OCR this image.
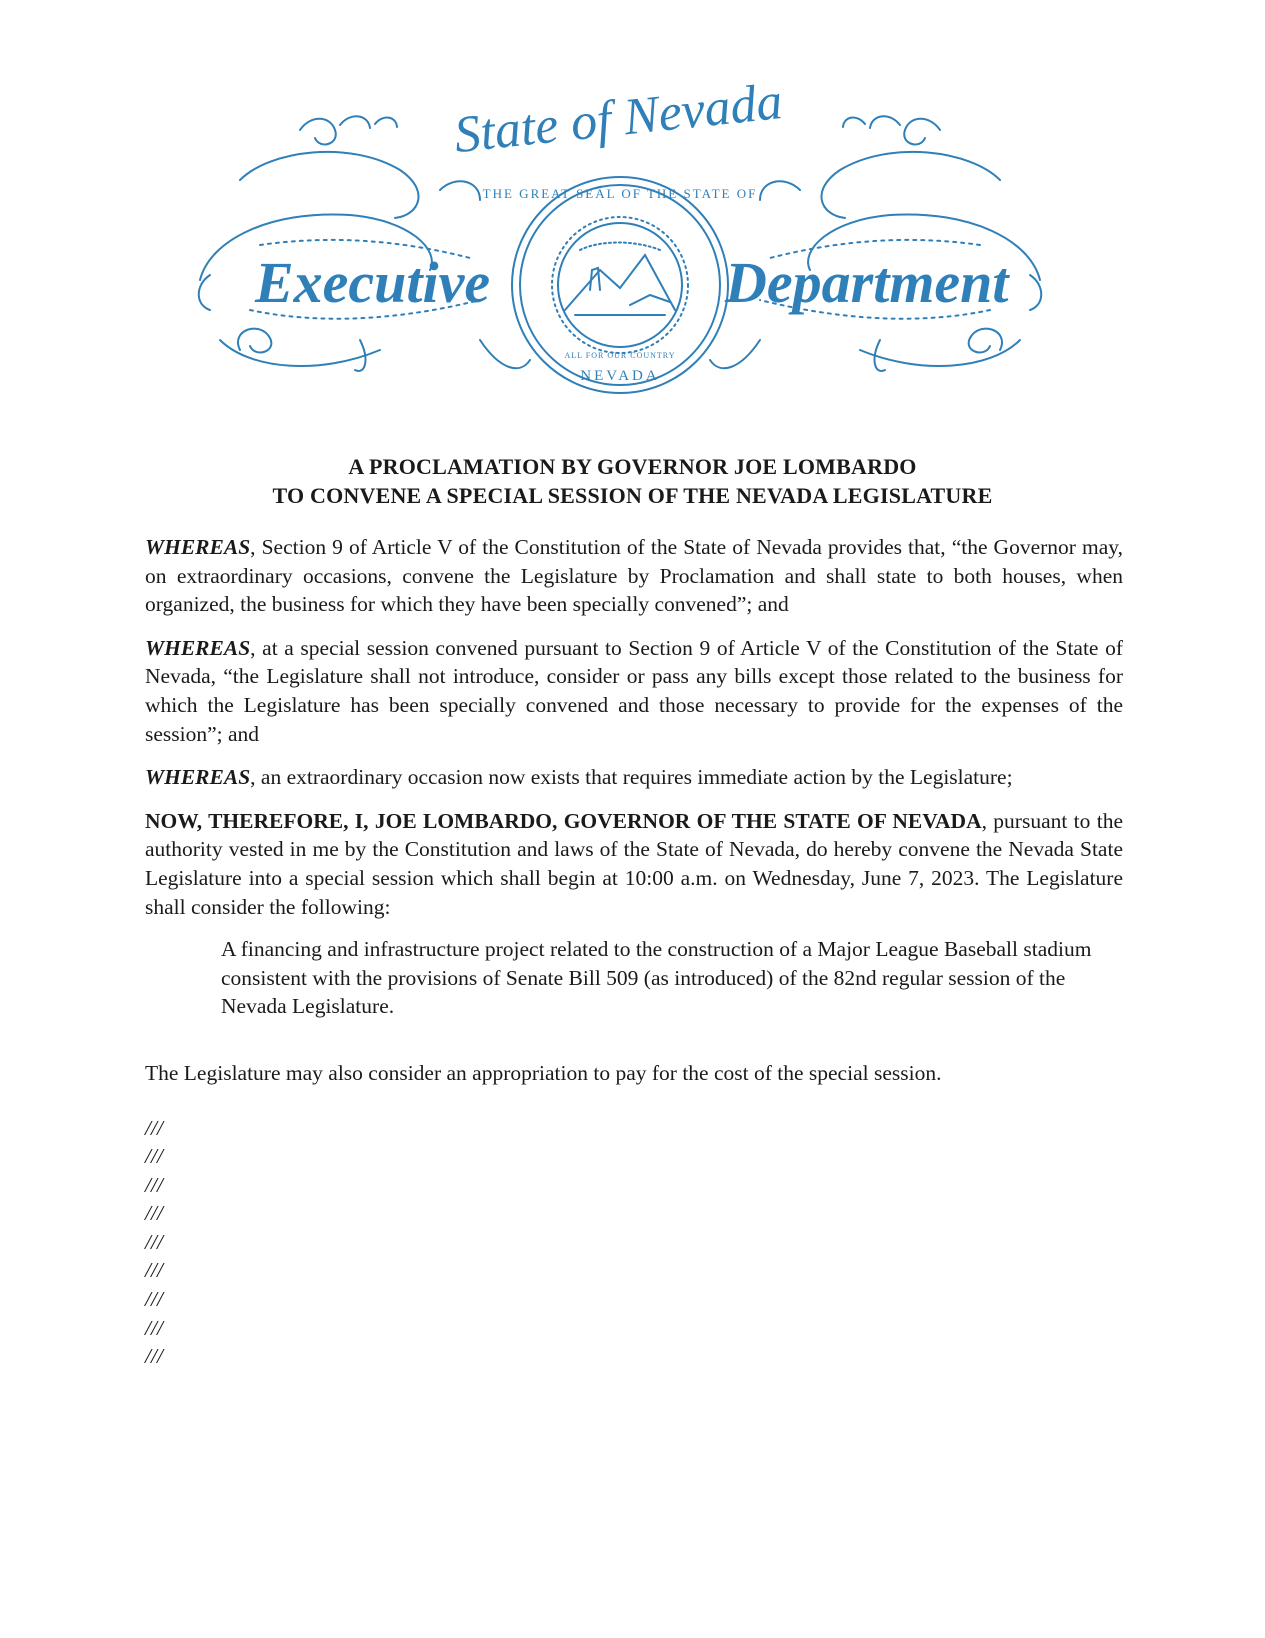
State of Nevada
Executive	Department
THE GREAT SEAL OF THE STATE OF
ALL FOR OUR COUNTRY
NEVADA
A PROCLAMATION BY GOVERNOR JOE LOMBARDO
TO CONVENE A SPECIAL SESSION OF THE NEVADA LEGISLATURE

WHEREAS, Section 9 of Article V of the Constitution of the State of Nevada provides that, “the Governor may, on extraordinary occasions, convene the Legislature by Proclamation and shall state to both houses, when organized, the business for which they have been specially convened”; and

WHEREAS, at a special session convened pursuant to Section 9 of Article V of the Constitution of the State of Nevada, “the Legislature shall not introduce, consider or pass any bills except those related to the business for which the Legislature has been specially convened and those necessary to provide for the expenses of the session”; and

WHEREAS, an extraordinary occasion now exists that requires immediate action by the Legislature;

NOW, THEREFORE, I, JOE LOMBARDO, GOVERNOR OF THE STATE OF NEVADA, pursuant to the authority vested in me by the Constitution and laws of the State of Nevada, do hereby convene the Nevada State Legislature into a special session which shall begin at 10:00 a.m. on Wednesday, June 7, 2023. The Legislature shall consider the following:

A financing and infrastructure project related to the construction of a Major League Baseball stadium consistent with the provisions of Senate Bill 509 (as introduced) of the 82nd regular session of the Nevada Legislature.

The Legislature may also consider an appropriation to pay for the cost of the special session.

///
///
///
///
///
///
///
///
///
